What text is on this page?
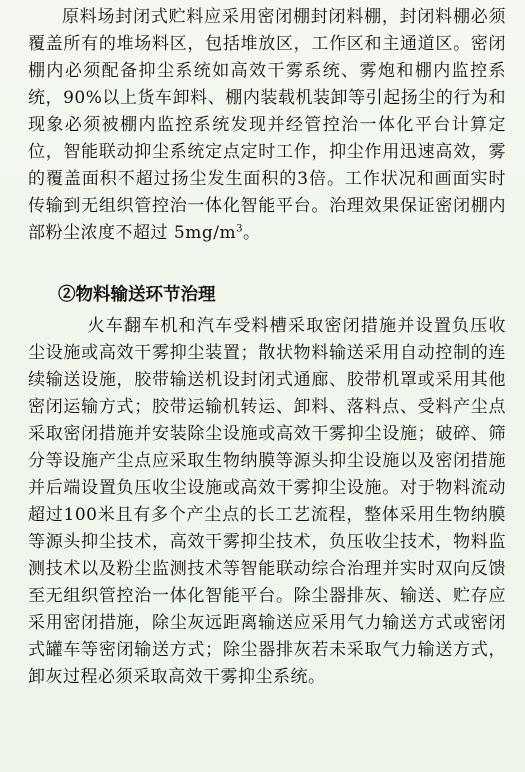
原料场封闭式贮料应采用密闭棚封闭料棚，封闭料棚必须覆盖所有的堆场料区，包括堆放区，工作区和主通道区。密闭棚内必须配备抑尘系统如高效干雾系统、雾炮和棚内监控系统，90%以上货车卸料、棚内装载机装卸等引起扬尘的行为和现象必须被棚内监控系统发现并经管控治一体化平台计算定位，智能联动抑尘系统定点定时工作，抑尘作用迅速高效，雾的覆盖面积不超过扬尘发生面积的3倍。工作状况和画面实时传输到无组织管控治一体化智能平台。治理效果保证密闭棚内部粉尘浓度不超过 $5mg/m^3$。

②物料输送环节治理

火车翻车机和汽车受料槽采取密闭措施并设置负压收尘设施或高效干雾抑尘装置；散状物料输送采用自动控制的连续输送设施，胶带输送机设封闭式通廊、胶带机罩或采用其他密闭运输方式；胶带运输机转运、卸料、落料点、受料产尘点采取密闭措施并安装除尘设施或高效干雾抑尘设施；破碎、筛分等设施产尘点应采取生物纳膜等源头抑尘设施以及密闭措施并后端设置负压收尘设施或高效干雾抑尘设施。对于物料流动超过100米且有多个产尘点的长工艺流程，整体采用生物纳膜等源头抑尘技术，高效干雾抑尘技术，负压收尘技术，物料监测技术以及粉尘监测技术等智能联动综合治理并实时双向反馈至无组织管控治一体化智能平台。除尘器排灰、输送、贮存应采用密闭措施，除尘灰远距离输送应采用气力输送方式或密闭式罐车等密闭输送方式；除尘器排灰若未采取气力输送方式，卸灰过程必须采取高效干雾抑尘系统。
